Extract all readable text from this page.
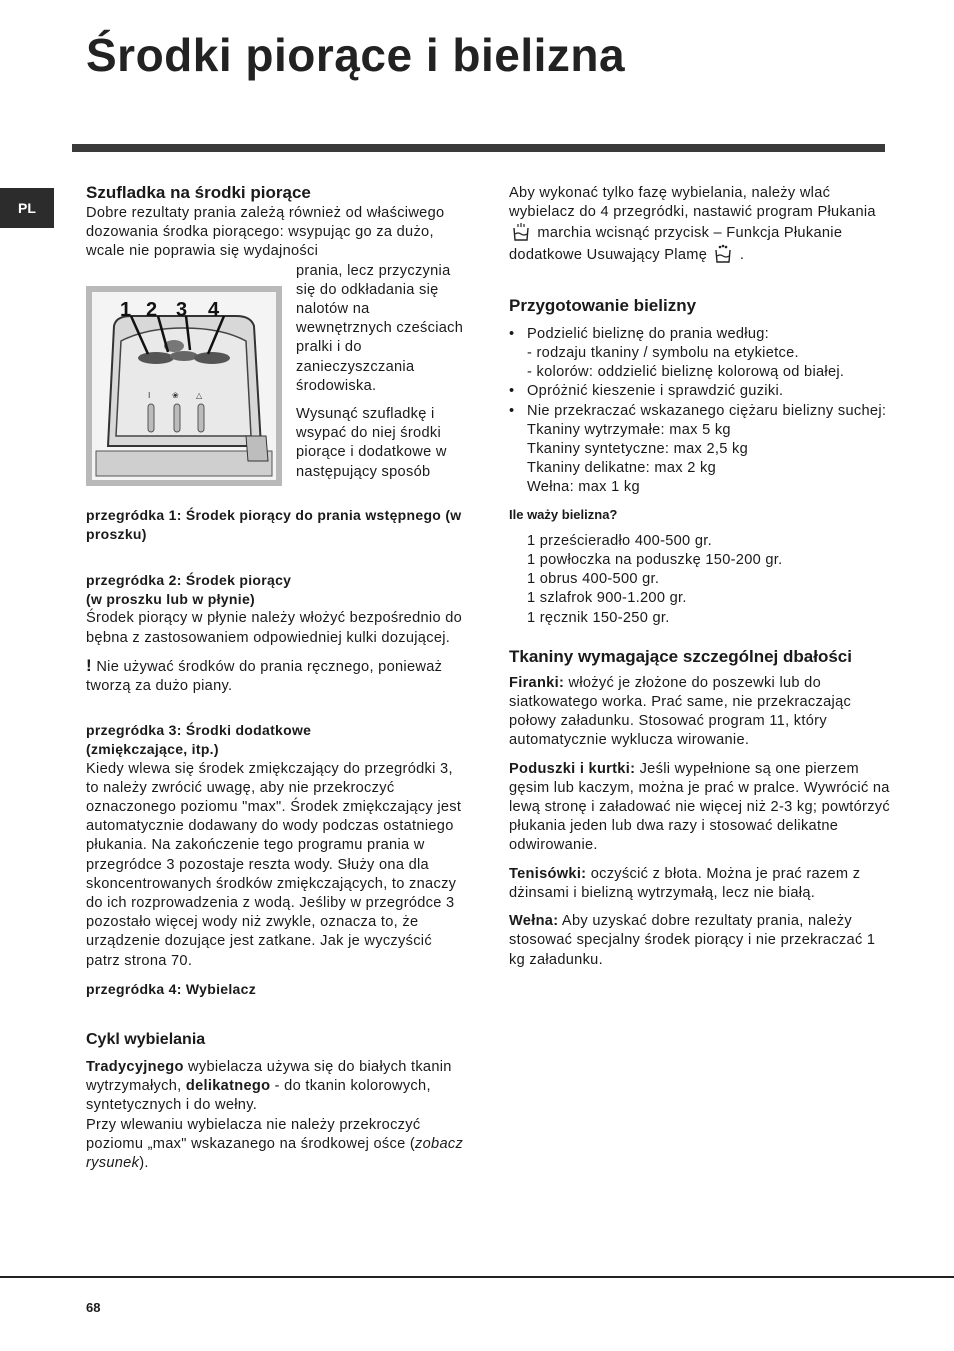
Środki piorące i bielizna
PL

Szufladka na środki piorące

Dobre rezultaty prania zależą również od właściwego dozowania środka piorącego: wsypując go za dużo, wcale nie poprawia się wydajności

I	❀ △
1 2 3 4

prania, lecz przyczynia się do odkładania się nalotów na wewnętrznych cześciach pralki i do zanieczyszczania środowiska.

Wysunąć szufladkę i wsypać do niej środki piorące i dodatkowe w następujący sposób

przegródka 1: Środek piorący do prania wstępnego (w proszku)

przegródka 2: Środek piorący

(w proszku lub w płynie)

Środek piorący w płynie należy włożyć bezpośrednio do bębna z zastosowaniem odpowiedniej kulki dozującej.

! Nie używać środków do prania ręcznego, ponieważ tworzą za dużo piany.

przegródka 3: Środki dodatkowe

(zmiękczające, itp.)

Kiedy wlewa się środek zmiękczający do przegródki 3, to należy zwrócić uwagę, aby nie przekroczyć oznaczonego poziomu "max". Środek zmiękczający jest automatycznie dodawany do wody podczas ostatniego płukania. Na zakończenie tego programu prania w przegródce 3 pozostaje reszta wody. Służy ona dla skoncentrowanych środków zmiękczających, to znaczy do ich rozprowadzenia z wodą. Jeśliby w przegródce 3 pozostało więcej wody niż zwykle, oznacza to, że urządzenie dozujące jest zatkane. Jak je wyczyścić patrz strona 70.

przegródka 4: Wybielacz

Cykl wybielania

Tradycyjnego wybielacza używa się do białych tkanin wytrzymałych, delikatnego - do tkanin kolorowych, syntetycznych i do wełny.

Przy wlewaniu wybielacza nie należy przekroczyć poziomu „max" wskazanego na środkowej ośce (zobacz rysunek).

Aby wykonać tylko fazę wybielania, należy wlać wybielacz do 4 przegródki, nastawić program Płukania  marchia wcisnąć przycisk – Funkcja Płukanie dodatkowe Usuwający Plamę .

Przygotowanie bielizny

• Podzielić bieliznę do prania według:
- rodzaju tkaniny / symbolu na etykietce.
- kolorów: oddzielić bieliznę kolorową od białej.
• Opróżnić kieszenie i sprawdzić guziki.
• Nie przekraczać wskazanego ciężaru bielizny suchej:
Tkaniny wytrzymałe: max 5 kg
Tkaniny syntetyczne: max 2,5 kg
Tkaniny delikatne: max 2 kg
Wełna: max 1 kg

Ile waży bielizna?

1 prześcieradło 400-500 gr.
1 powłoczka na poduszkę 150-200 gr.
1 obrus 400-500 gr.
1 szlafrok 900-1.200 gr.
1 ręcznik 150-250 gr.

Tkaniny wymagające szczególnej dbałości

Firanki: włożyć je złożone do poszewki lub do siatkowatego worka. Prać same, nie przekraczając połowy załadunku. Stosować program 11, który automatycznie wyklucza wirowanie.

Poduszki i kurtki: Jeśli wypełnione są one pierzem gęsim lub kaczym, można je prać w pralce. Wywrócić na lewą stronę i załadować nie więcej niż 2-3 kg; powtórzyć płukania jeden lub dwa razy i stosować delikatne odwirowanie.

Tenisówki: oczyścić z błota. Można je prać razem z dżinsami i bielizną wytrzymałą, lecz nie białą.

Wełna: Aby uzyskać dobre rezultaty prania, należy stosować specjalny środek piorący i nie przekraczać 1 kg załadunku.

68
